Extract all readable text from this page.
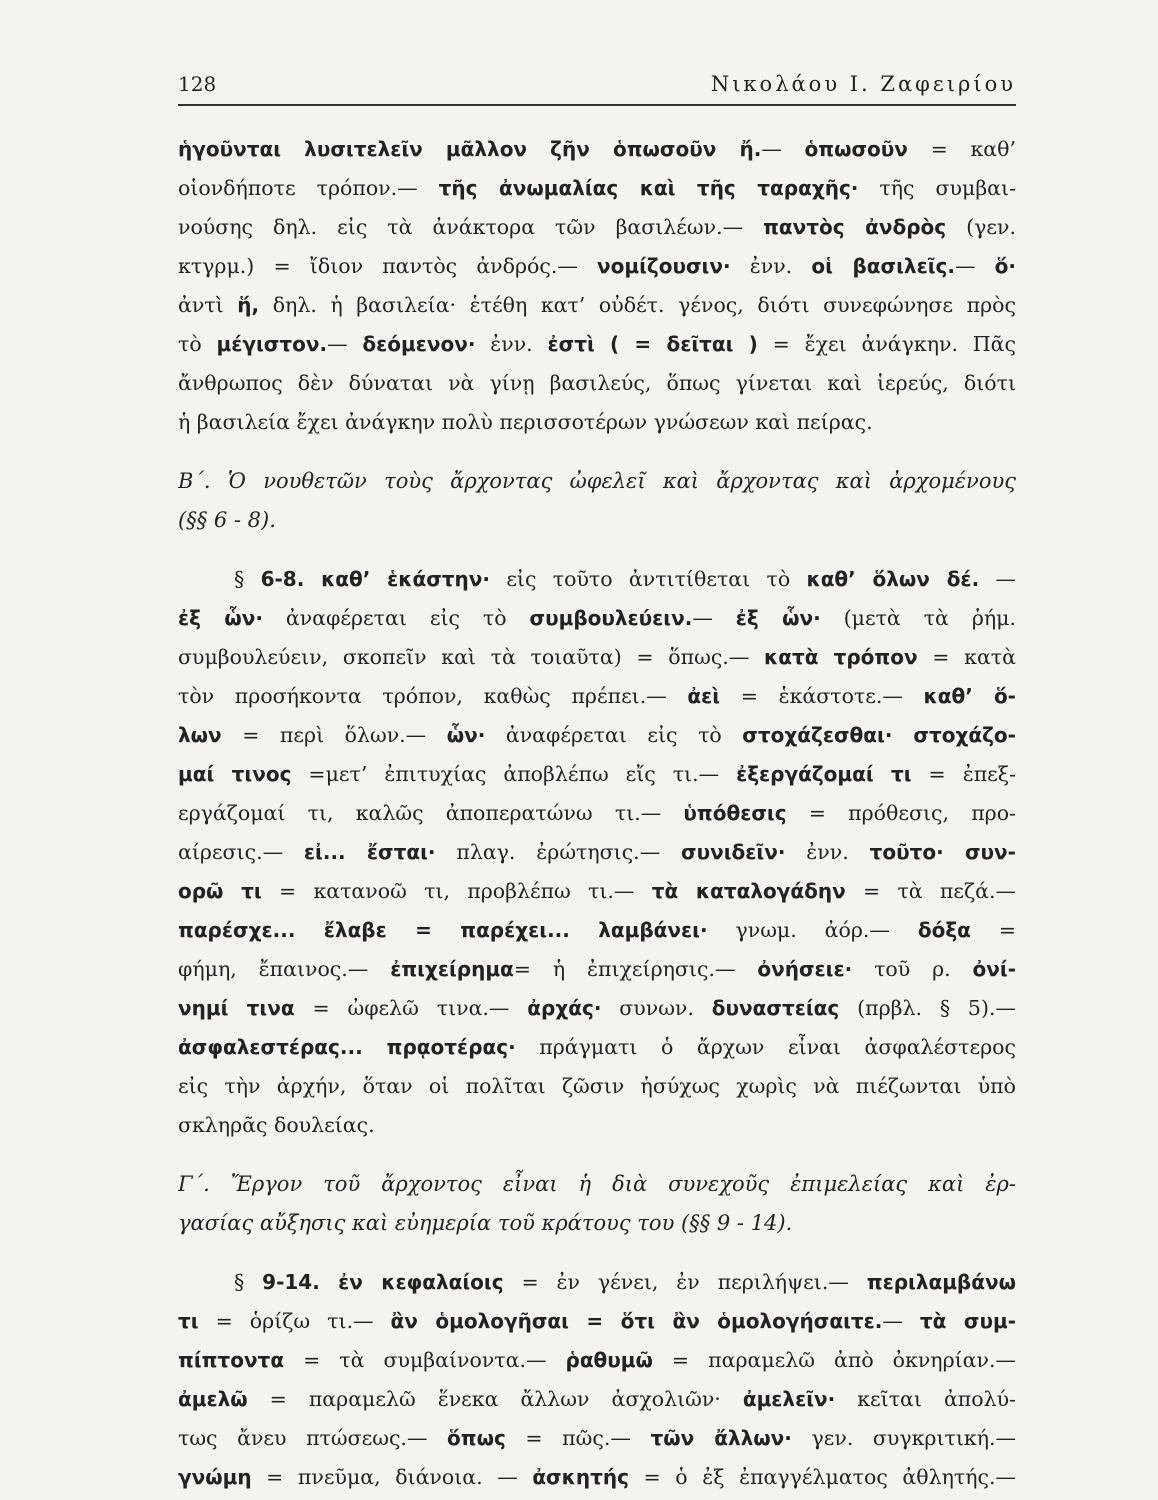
128	Νικολάου Ι. Ζαφειρίου
ἡγοῦνται λυσιτελεῖν μᾶλλον ζῆν ὁπωσοῦν ἤ.— ὁπωσοῦν = καθ’
οἱονδήποτε τρόπον.— τῆς ἀνωμαλίας καὶ τῆς ταραχῆς· τῆς συμβαι-
νούσης δηλ. εἰς τὰ ἀνάκτορα τῶν βασιλέων.— παντὸς ἀνδρὸς (γεν.
κτγρμ.) = ἴδιον παντὸς ἀνδρός.— νομίζουσιν· ἐνν. οἱ βασιλεῖς.— ὅ·
ἀντὶ ἥ, δηλ. ἡ βασιλεία· ἑτέθη κατ’ οὐδέτ. γένος, διότι συνεφώνησε πρὸς
τὸ μέγιστον.— δεόμενον· ἐνν. ἐστὶ ( = δεῖται ) = ἔχει ἀνάγκην. Πᾶς
ἄνθρωπος δὲν δύναται νὰ γίνῃ βασιλεύς, ὅπως γίνεται καὶ ἱερεύς, διότι
ἡ βασιλεία ἔχει ἀνάγκην πολὺ περισσοτέρων γνώσεων καὶ πείρας.
Β΄. Ὁ νουθετῶν τοὺς ἄρχοντας ὠφελεῖ καὶ ἄρχοντας καὶ ἀρχομένους
(§§ 6 - 8).
§ 6-8. καθ’ ἑκάστην· εἰς τοῦτο ἀντιτίθεται τὸ καθ’ ὅλων δέ. —
ἐξ ὧν· ἀναφέρεται εἰς τὸ συμβουλεύειν.— ἐξ ὧν· (μετὰ τὰ ῥήμ.
συμβουλεύειν, σκοπεῖν καὶ τὰ τοιαῦτα) = ὅπως.— κατὰ τρόπον = κατὰ
τὸν προσήκοντα τρόπον, καθὼς πρέπει.— ἀεὶ = ἑκάστοτε.— καθ’ ὅ-
λων = περὶ ὅλων.— ὧν· ἀναφέρεται εἰς τὸ στοχάζεσθαι· στοχάζο-
μαί τινος =μετ’ ἐπιτυχίας ἀποβλέπω εἴς τι.— ἐξεργάζομαί τι = ἐπεξ-
εργάζομαί τι, καλῶς ἀποπερατώνω τι.— ὑπόθεσις = πρόθεσις, προ-
αίρεσις.— εἰ... ἔσται· πλαγ. ἐρώτησις.— συνιδεῖν· ἐνν. τοῦτο· συν-
ορῶ τι = κατανοῶ τι, προβλέπω τι.— τὰ καταλογάδην = τὰ πεζά.—
παρέσχε... ἔλαβε = παρέχει... λαμβάνει· γνωμ. ἀόρ.— δόξα =
φήμη, ἔπαινος.— ἐπιχείρημα= ἡ ἐπιχείρησις.— ὀνήσειε· τοῦ ρ. ὀνί-
νημί τινα = ὠφελῶ τινα.— ἀρχάς· συνων. δυναστείας (πρβλ. § 5).—
ἀσφαλεστέρας... πρᾳοτέρας· πράγματι ὁ ἄρχων εἶναι ἀσφαλέστερος
εἰς τὴν ἀρχήν, ὅταν οἱ πολῖται ζῶσιν ἡσύχως χωρὶς νὰ πιέζωνται ὑπὸ
σκληρᾶς δουλείας.
Γ΄. Ἔργον τοῦ ἄρχοντος εἶναι ἡ διὰ συνεχοῦς ἐπιμελείας καὶ ἐρ-
γασίας αὔξησις καὶ εὐημερία τοῦ κράτους του (§§ 9 - 14).
§ 9-14. ἐν κεφαλαίοις = ἐν γένει, ἐν περιλήψει.— περιλαμβάνω
τι = ὁρίζω τι.— ἂν ὁμολογῆσαι = ὅτι ἂν ὁμολογήσαιτε.— τὰ συμ-
πίπτοντα = τὰ συμβαίνοντα.— ῥαθυμῶ = παραμελῶ ἀπὸ ὀκνηρίαν.—
ἀμελῶ = παραμελῶ ἕνεκα ἄλλων ἀσχολιῶν· ἀμελεῖν· κεῖται ἀπολύ-
τως ἄνευ πτώσεως.— ὅπως = πῶς.— τῶν ἄλλων· γεν. συγκριτική.—
γνώμη = πνεῦμα, διάνοια. — ἀσκητής = ὁ ἐξ ἐπαγγέλματος ἀθλητής.—
